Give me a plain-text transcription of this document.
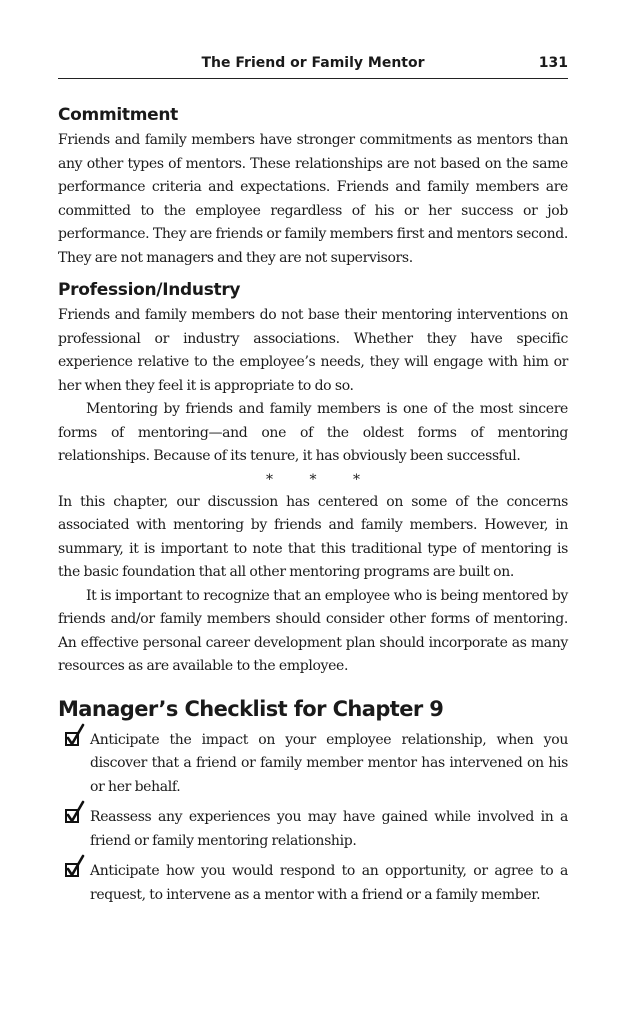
The Friend or Family Mentor	131
Commitment

Friends and family members have stronger commitments as mentors than any other types of mentors. These relationships are not based on the same performance criteria and expectations. Friends and family members are committed to the employee regardless of his or her success or job performance. They are friends or family members first and mentors second. They are not managers and they are not supervisors.

Profession/Industry

Friends and family members do not base their mentoring interventions on professional or industry associations. Whether they have specific experience relative to the employee’s needs, they will engage with him or her when they feel it is appropriate to do so.

Mentoring by friends and family members is one of the most sincere forms of mentoring—and one of the oldest forms of mentoring relationships. Because of its tenure, it has obviously been successful.

* * *

In this chapter, our discussion has centered on some of the concerns associated with mentoring by friends and family members. However, in summary, it is important to note that this traditional type of mentoring is the basic foundation that all other mentoring programs are built on.

It is important to recognize that an employee who is being mentored by friends and/or family members should consider other forms of mentoring. An effective personal career development plan should incorporate as many resources as are available to the employee.

Manager’s Checklist for Chapter 9

Anticipate the impact on your employee relationship, when you discover that a friend or family member mentor has intervened on his or her behalf.

Reassess any experiences you may have gained while involved in a friend or family mentoring relationship.

Anticipate how you would respond to an opportunity, or agree to a request, to intervene as a mentor with a friend or a family member.
